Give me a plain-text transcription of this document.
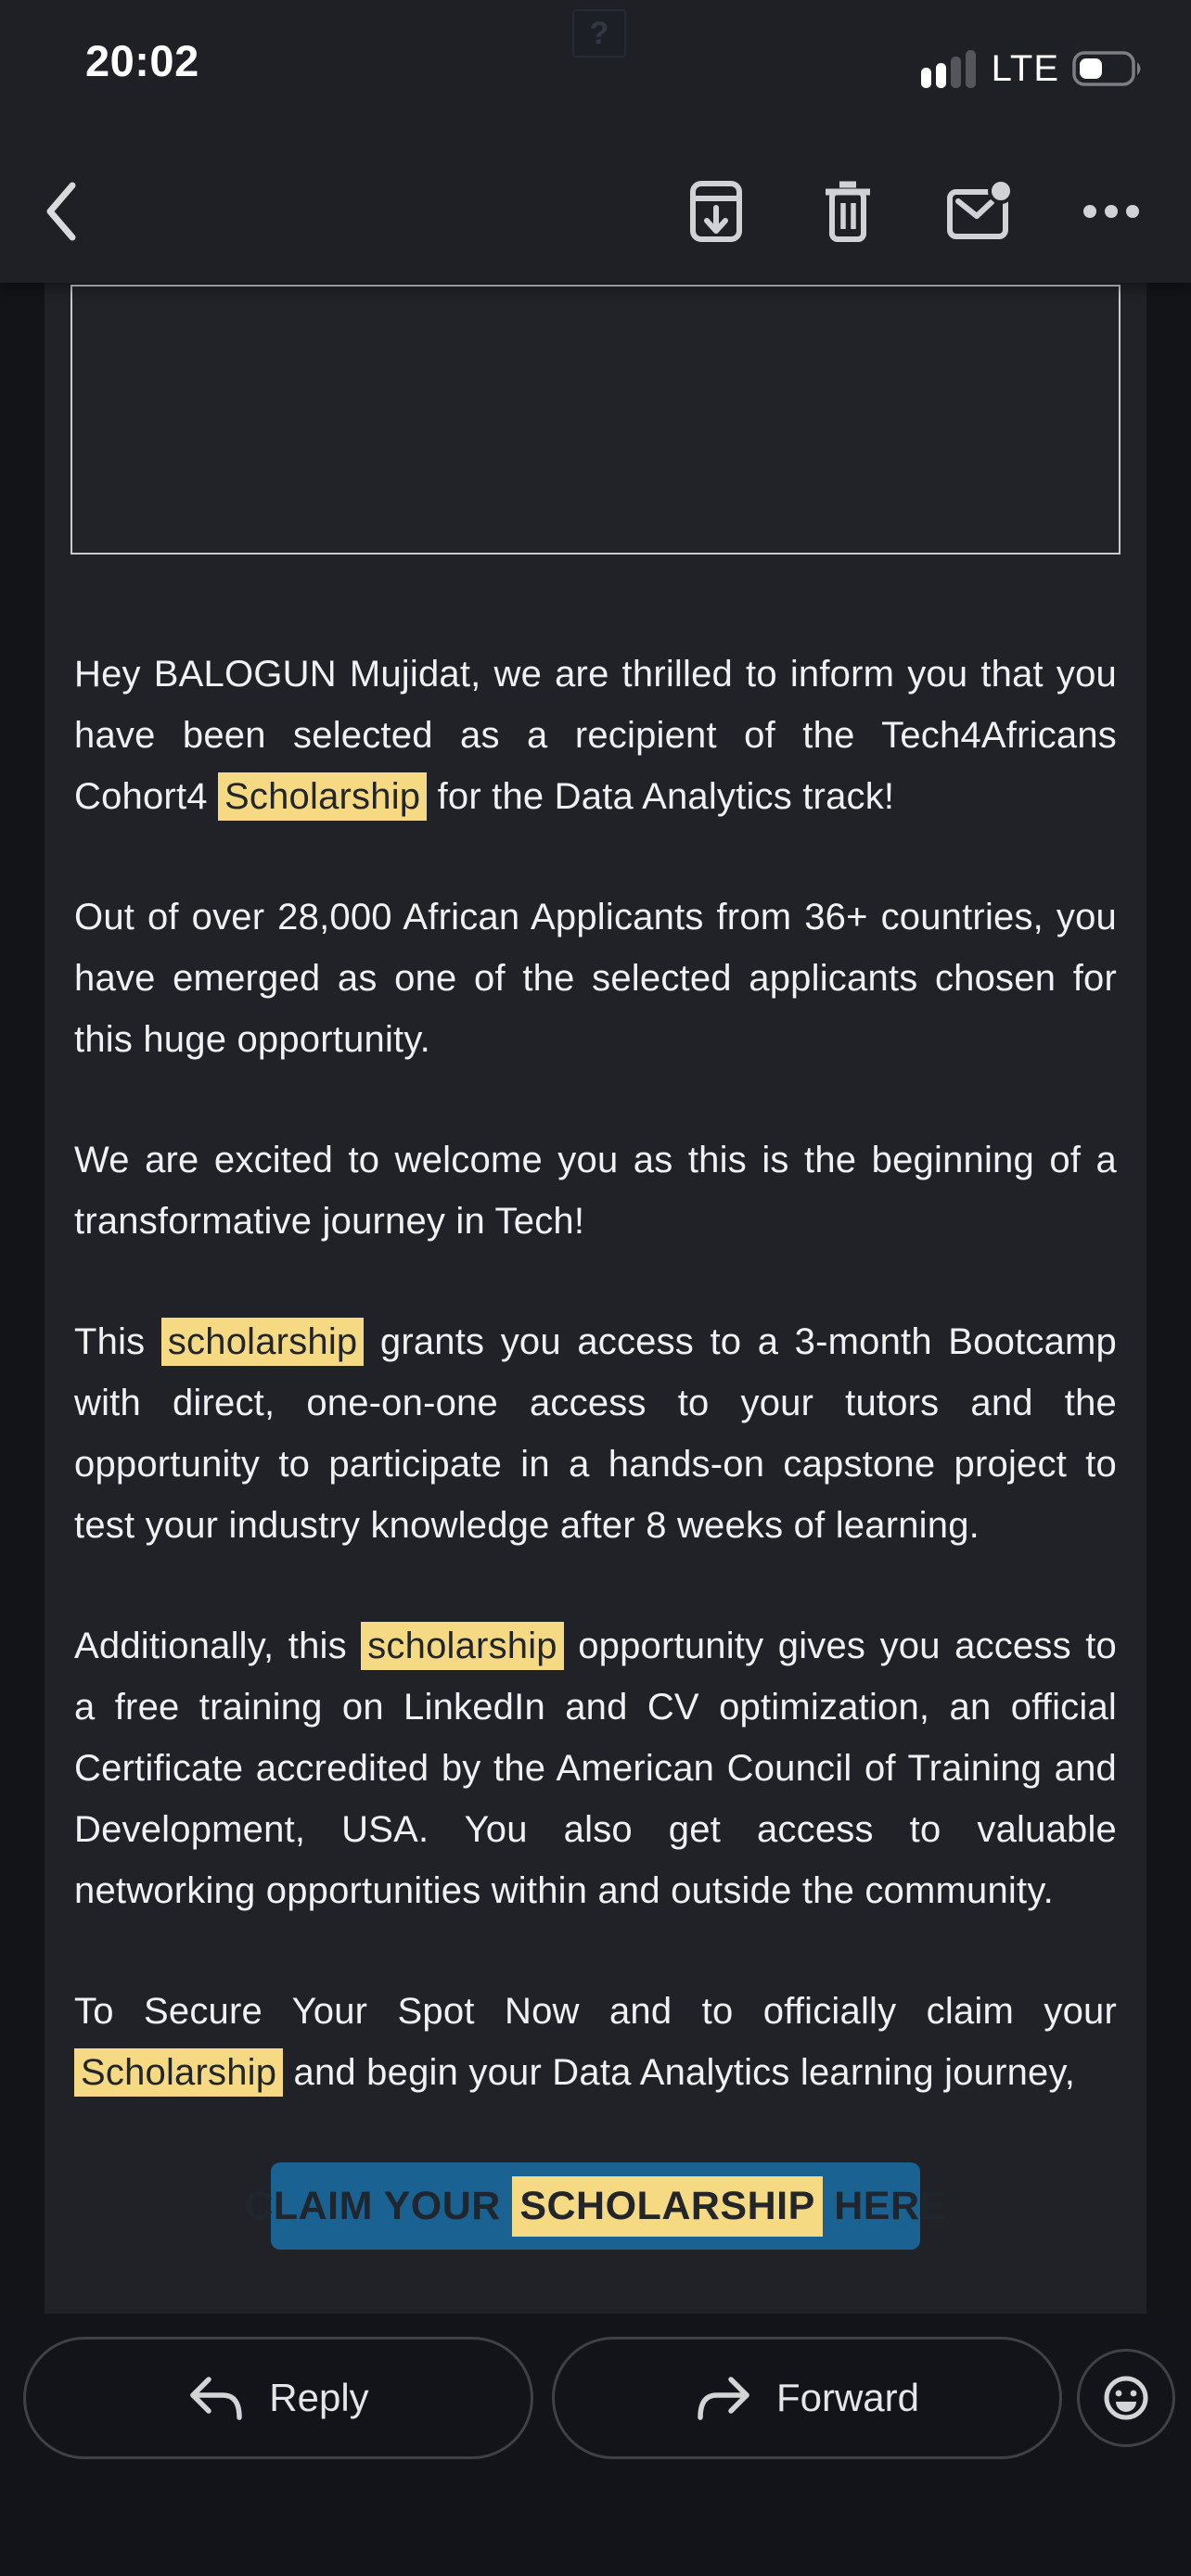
20:02
?
LTE

Hey BALOGUN Mujidat, we are thrilled to inform you that you have been selected as a recipient of the Tech4Africans Cohort4 Scholarship for the Data Analytics track!

Out of over 28,000 African Applicants from 36+ countries, you have emerged as one of the selected applicants chosen for this huge opportunity.

We are excited to welcome you as this is the beginning of a transformative journey in Tech!

This scholarship grants you access to a 3-month Bootcamp with direct, one-on-one access to your tutors and the opportunity to participate in a hands-on capstone project to test your industry knowledge after 8 weeks of learning.

Additionally, this scholarship opportunity gives you access to a free training on LinkedIn and CV optimization, an official Certificate accredited by the American Council of Training and Development, USA. You also get access to valuable networking opportunities within and outside the community.

To Secure Your Spot Now and to officially claim your Scholarship and begin your Data Analytics learning journey,

CLAIM YOUR SCHOLARSHIP HERE
Reply	Forward
